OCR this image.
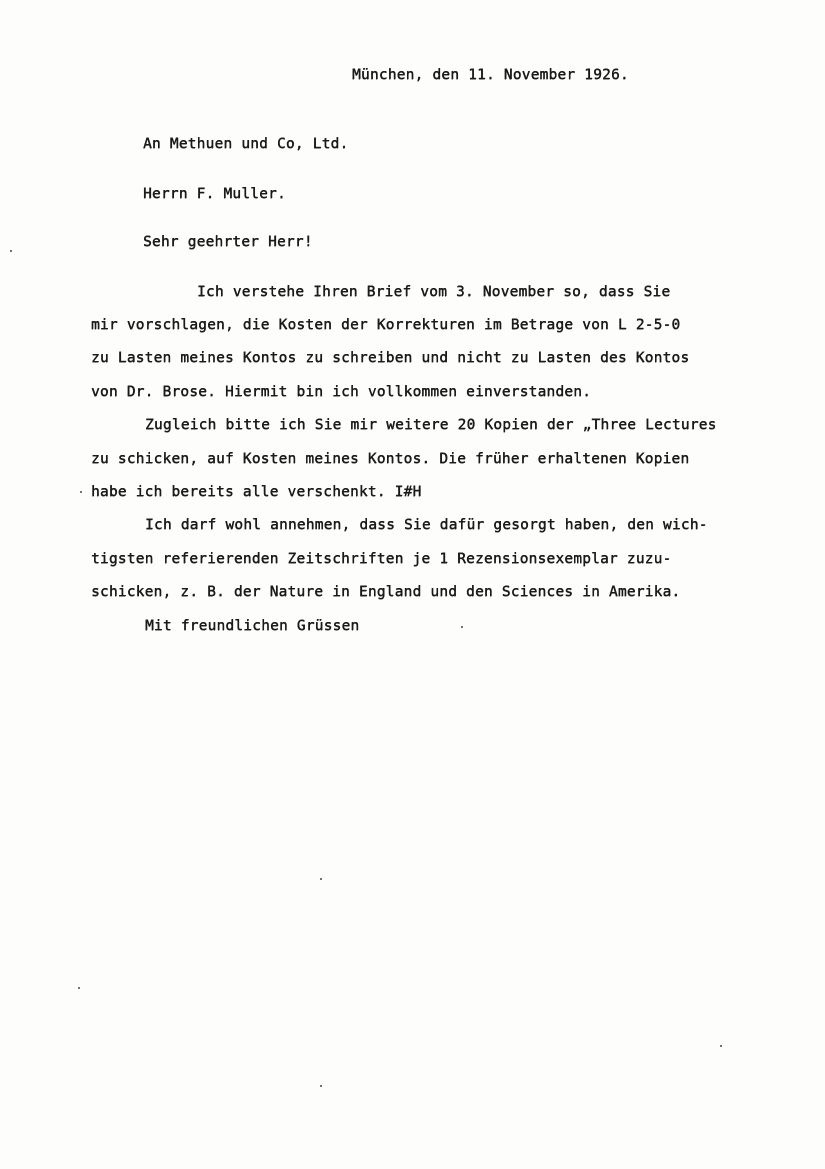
München, den 11. November 1926.
An Methuen und Co, Ltd.
Herrn F. Muller.
Sehr geehrter Herr!
Ich verstehe Ihren Brief vom 3. November so, dass Sie
mir vorschlagen, die Kosten der Korrekturen im Betrage von L 2-5-0
zu Lasten meines Kontos zu schreiben und nicht zu Lasten des Kontos
von Dr. Brose. Hiermit bin ich vollkommen einverstanden.
Zugleich bitte ich Sie mir weitere 20 Kopien der „Three Lectures
zu schicken, auf Kosten meines Kontos. Die früher erhaltenen Kopien
habe ich bereits alle verschenkt. I#H
Ich darf wohl annehmen, dass Sie dafür gesorgt haben, den wich-
tigsten referierenden Zeitschriften je 1 Rezensionsexemplar zuzu-
schicken, z. B. der Nature in England und den Sciences in Amerika.
Mit freundlichen Grüssen
